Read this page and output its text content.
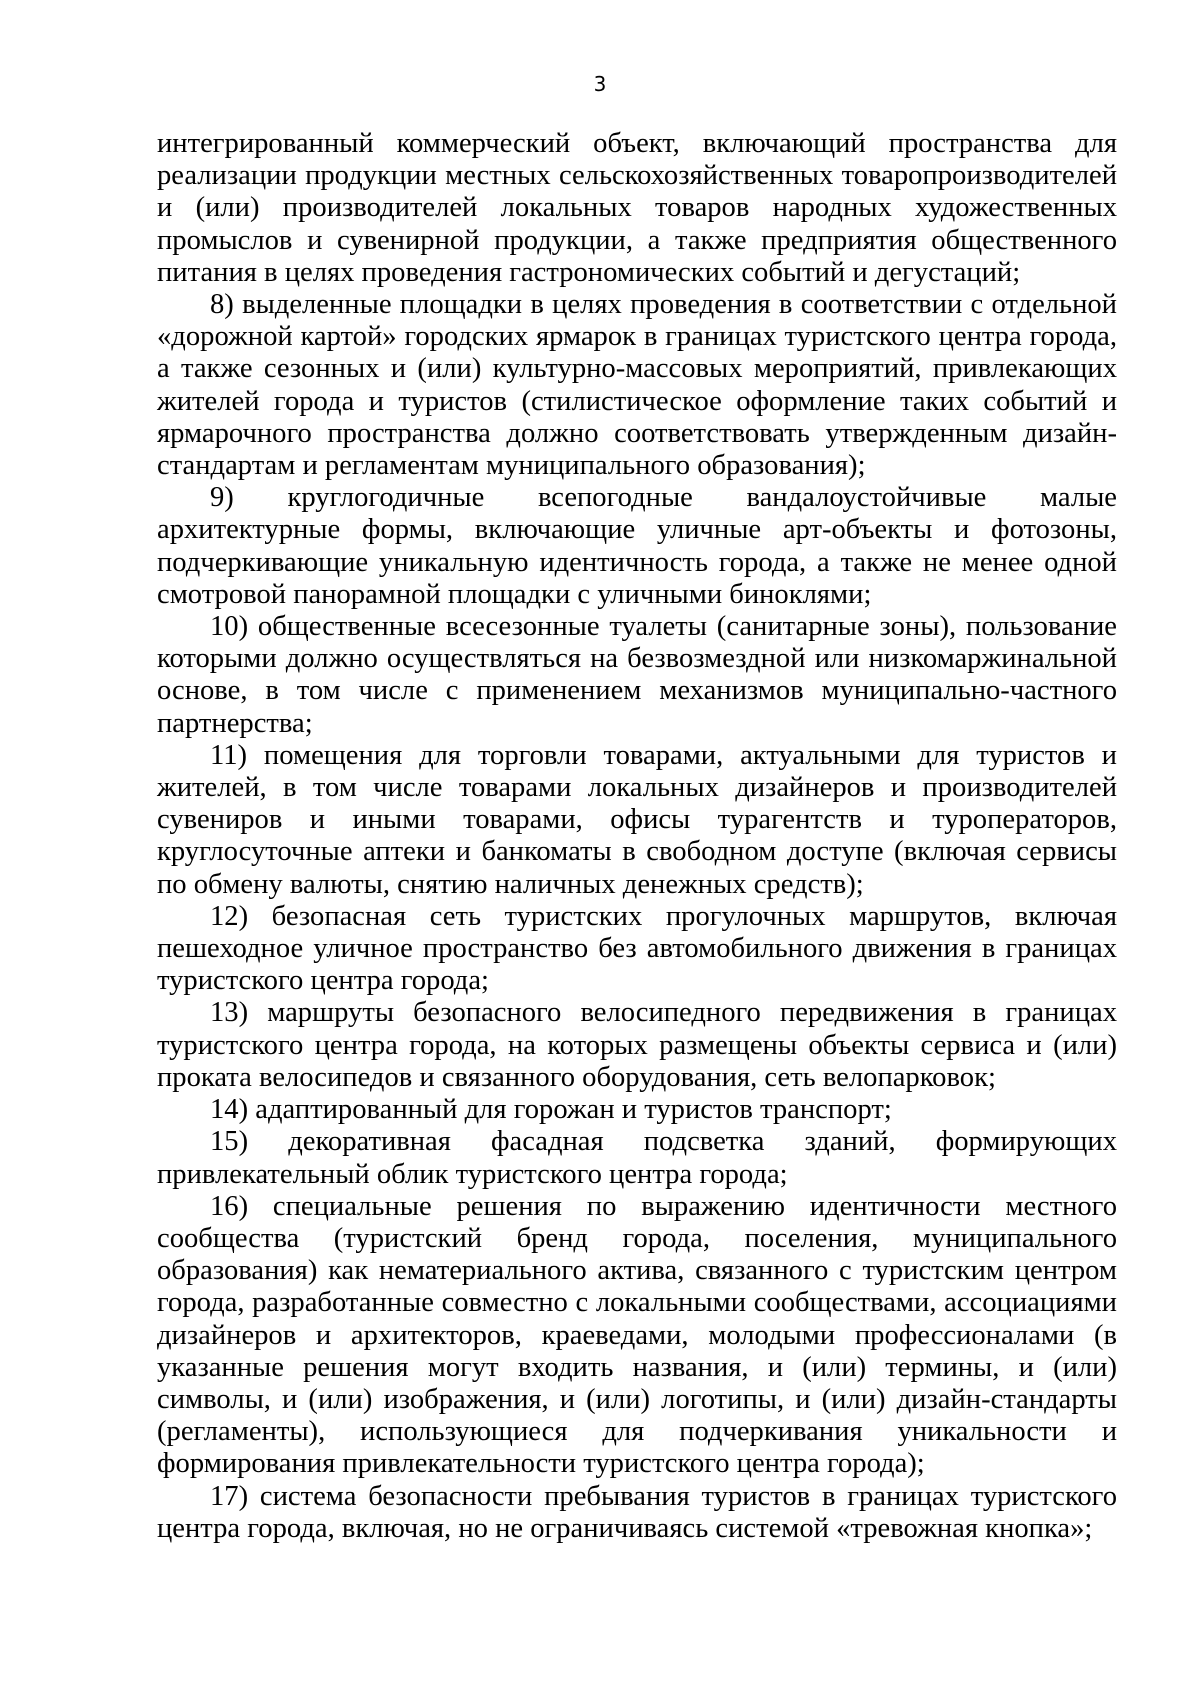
3

интегрированный коммерческий объект, включающий пространства для реализации продукции местных сельскохозяйственных товаропроизводителей и (или) производителей локальных товаров народных художественных промыслов и сувенирной продукции, а также предприятия общественного питания в целях проведения гастрономических событий и дегустаций;

8) выделенные площадки в целях проведения в соответствии с отдельной «дорожной картой» городских ярмарок в границах туристского центра города, а также сезонных и (или) культурно-массовых мероприятий, привлекающих жителей города и туристов (стилистическое оформление таких событий и ярмарочного пространства должно соответствовать утвержденным дизайн-стандартам и регламентам муниципального образования);

9) круглогодичные всепогодные вандалоустойчивые малые архитектурные формы, включающие уличные арт-объекты и фотозоны, подчеркивающие уникальную идентичность города, а также не менее одной смотровой панорамной площадки с уличными биноклями;

10) общественные всесезонные туалеты (санитарные зоны), пользование которыми должно осуществляться на безвозмездной или низкомаржинальной основе, в том числе с применением механизмов муниципально-частного партнерства;

11) помещения для торговли товарами, актуальными для туристов и жителей, в том числе товарами локальных дизайнеров и производителей сувениров и иными товарами, офисы турагентств и туроператоров, круглосуточные аптеки и банкоматы в свободном доступе (включая сервисы по обмену валюты, снятию наличных денежных средств);

12) безопасная сеть туристских прогулочных маршрутов, включая пешеходное уличное пространство без автомобильного движения в границах туристского центра города;

13) маршруты безопасного велосипедного передвижения в границах туристского центра города, на которых размещены объекты сервиса и (или) проката велосипедов и связанного оборудования, сеть велопарковок;

14) адаптированный для горожан и туристов транспорт;

15) декоративная фасадная подсветка зданий, формирующих привлекательный облик туристского центра города;

16) специальные решения по выражению идентичности местного сообщества (туристский бренд города, поселения, муниципального образования) как нематериального актива, связанного с туристским центром города, разработанные совместно с локальными сообществами, ассоциациями дизайнеров и архитекторов, краеведами, молодыми профессионалами (в указанные решения могут входить названия, и (или) термины, и (или) символы, и (или) изображения, и (или) логотипы, и (или) дизайн-стандарты (регламенты), использующиеся для подчеркивания уникальности и формирования привлекательности туристского центра города);

17) система безопасности пребывания туристов в границах туристского центра города, включая, но не ограничиваясь системой «тревожная кнопка»;
